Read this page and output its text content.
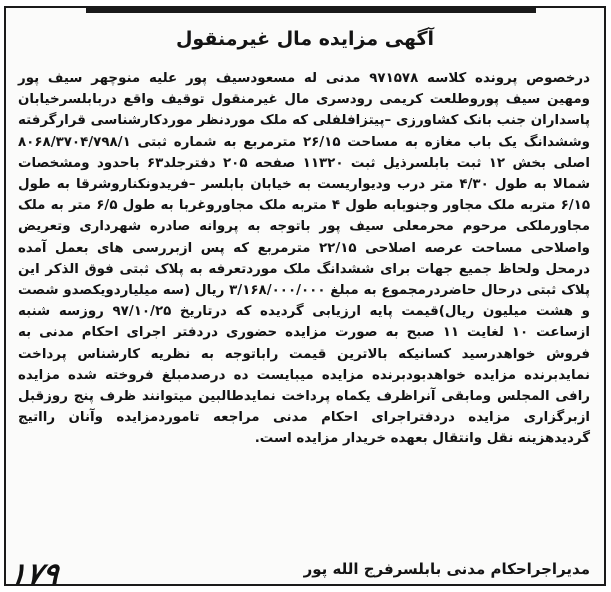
آگهی مزایده مال غیرمنقول
درخصوص پرونده کلاسه ۹۷۱۵۷۸ مدنی له مسعودسیف پور علیه منوچهر سیف پور ومهین سیف پوروطلعت کریمی رودسری مال غیرمنقول توقیف واقع دربابلسرخیابان پاسداران جنب بانک کشاورزی –پیتزافلفلی که ملک موردنظر موردکارشناسی قرارگرفته وششدانگ یک باب مغازه به مساحت ۲۶/۱۵ مترمربع به شماره ثبتی ۸۰۶۸/۳۷۰۴/۷۹۸/۱ اصلی بخش ۱۲ ثبت بابلسرذیل ثبت ۱۱۳۲۰ صفحه ۲۰۵ دفترجلد۶۳ باحدود ومشخصات شمالا به طول ۴/۳۰ متر درب وديواريست به خیابان بابلسر –فریدونکناروشرقا به طول ۶/۱۵ متربه ملک مجاور وجنوبابه طول ۴ متربه ملک مجاوروغربا به طول ۶/۵ متر به ملک مجاورملکی مرحوم محرمعلی سیف پور باتوجه به پروانه صادره شهرداری وتعریض واصلاحی مساحت عرصه اصلاحی ۲۲/۱۵ مترمربع که پس ازبررسی های بعمل آمده درمحل ولحاظ جمیع جهات برای ششدانگ ملک موردتعرفه به پلاک ثبتی فوق الذکر این پلاک ثبتی درحال حاضردرمجموع به مبلغ ۳/۱۶۸/۰۰۰/۰۰۰ ریال (سه میلیاردویکصدو شصت و هشت میلیون ریال)قیمت پایه ارزیابی گردیده که درتاریخ ۹۷/۱۰/۲۵ روزسه شنبه ازساعت ۱۰ لغایت ۱۱ صبح به صورت مزایده حضوری دردفتر اجرای احکام مدنی به فروش خواهدرسید کسانیکه بالاترین قیمت راباتوجه به نظریه کارشناس پرداخت نمایدبرنده مزایده خواهدبودبرنده مزایده میبایست ده درصدمبلغ فروخته شده مزایده رافی المجلس ومابقی آنراظرف یکماه پرداخت نمایدطالبین میتوانند ظرف پنج روزقبل ازبرگزاری مزایده دردفتراجرای احکام مدنی مراجعه تاموردمزایده وآنان رااتیج گردیدهزینه نقل وانتقال بعهده خریدار مزایده است.
مدیراجراحکام مدنی بابلسرفرج الله پور
۱۷۹
